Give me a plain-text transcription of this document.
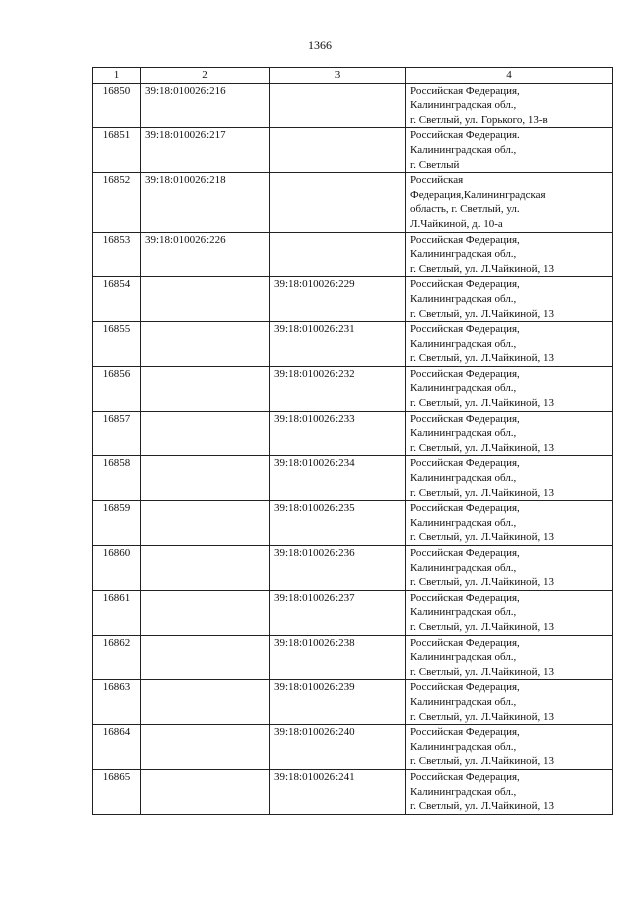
1366
1	2	3	4
16850	39:18:010026:216		Российская Федерация,
Калининградская обл.,
г. Светлый, ул. Горького, 13-в

16851	39:18:010026:217		Российская Федерация.
Калининградская обл.,
г. Светлый

16852	39:18:010026:218		Российская
Федерация,Калининградская
область, г. Светлый, ул.
Л.Чайкиной, д. 10-а

16853	39:18:010026:226		Российская Федерация,
Калининградская обл.,
г. Светлый, ул. Л.Чайкиной, 13

16854		39:18:010026:229	Российская Федерация,
Калининградская обл.,
г. Светлый, ул. Л.Чайкиной, 13

16855		39:18:010026:231	Российская Федерация,
Калининградская обл.,
г. Светлый, ул. Л.Чайкиной, 13

16856		39:18:010026:232	Российская Федерация,
Калининградская обл.,
г. Светлый, ул. Л.Чайкиной, 13

16857		39:18:010026:233	Российская Федерация,
Калининградская обл.,
г. Светлый, ул. Л.Чайкиной, 13

16858		39:18:010026:234	Российская Федерация,
Калининградская обл.,
г. Светлый, ул. Л.Чайкиной, 13

16859		39:18:010026:235	Российская Федерация,
Калининградская обл.,
г. Светлый, ул. Л.Чайкиной, 13

16860		39:18:010026:236	Российская Федерация,
Калининградская обл.,
г. Светлый, ул. Л.Чайкиной, 13

16861		39:18:010026:237	Российская Федерация,
Калининградская обл.,
г. Светлый, ул. Л.Чайкиной, 13

16862		39:18:010026:238	Российская Федерация,
Калининградская обл.,
г. Светлый, ул. Л.Чайкиной, 13

16863		39:18:010026:239	Российская Федерация,
Калининградская обл.,
г. Светлый, ул. Л.Чайкиной, 13

16864		39:18:010026:240	Российская Федерация,
Калининградская обл.,
г. Светлый, ул. Л.Чайкиной, 13

16865		39:18:010026:241	Российская Федерация,
Калининградская обл.,
г. Светлый, ул. Л.Чайкиной, 13
